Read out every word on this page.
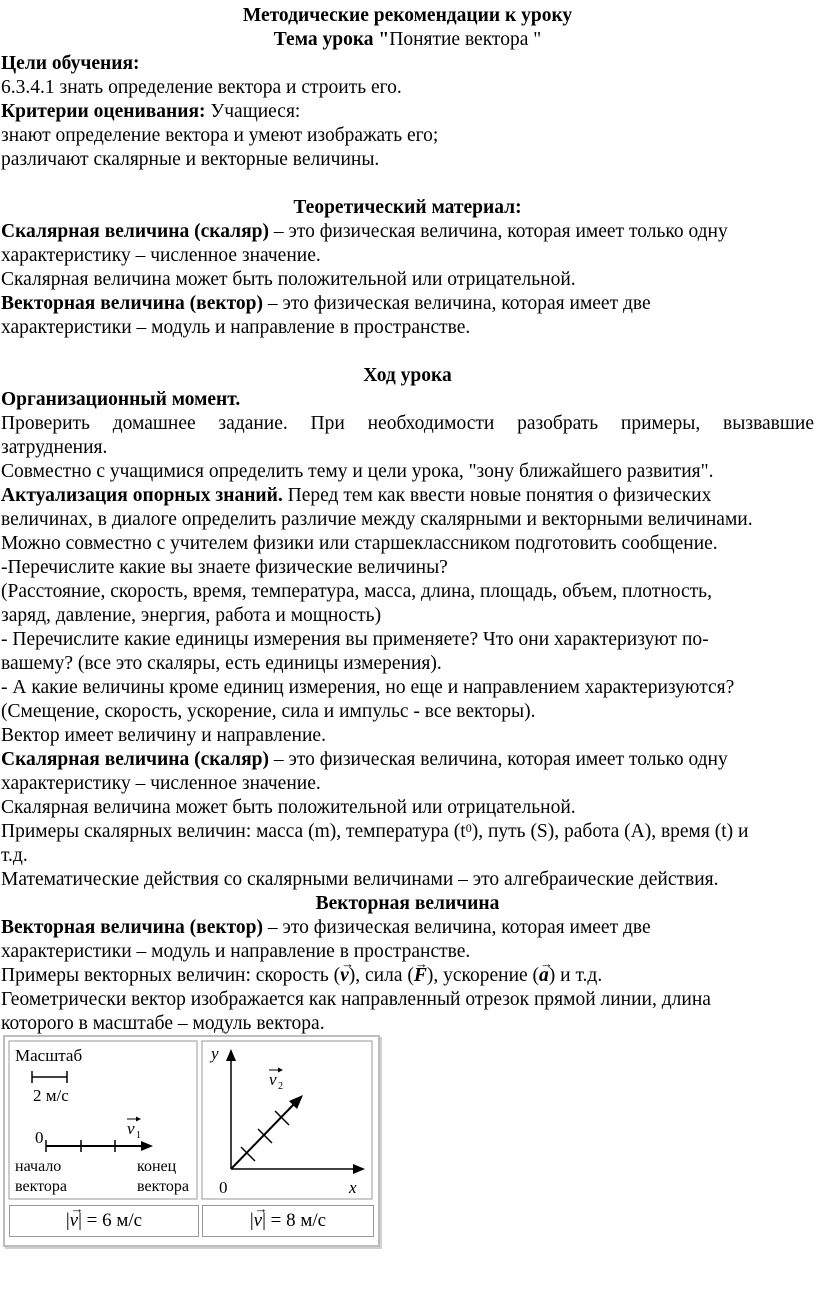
Методические рекомендации к уроку
Тема урока "Понятие вектора "
Цели обучения:
6.3.4.1 знать определение вектора и строить его.
Критерии оценивания: Учащиеся:
знают определение вектора и умеют изображать его;
различают скалярные и векторные величины.
Теоретический материал:
Скалярная величина (скаляр) – это физическая величина, которая имеет только одну
характеристику – численное значение.
Скалярная величина может быть положительной или отрицательной.
Векторная величина (вектор) – это физическая величина, которая имеет две
характеристики – модуль и направление в пространстве.
Ход урока
Организационный момент.
Проверить домашнее задание. При необходимости разобрать примеры, вызвавшие
затруднения.
Совместно с учащимися определить тему и цели урока, "зону ближайшего развития".
Актуализация опорных знаний. Перед тем как ввести новые понятия о физических
величинах, в диалоге определить различие между скалярными и векторными величинами.
Можно совместно с учителем физики или старшеклассником подготовить сообщение.
-Перечислите какие вы знаете физические величины?
(Расстояние, скорость, время, температура, масса, длина, площадь, объем, плотность,
заряд, давление, энергия, работа и мощность)
- Перечислите какие единицы измерения вы применяете? Что они характеризуют по-
вашему? (все это скаляры, есть единицы измерения).
- А какие величины кроме единиц измерения, но еще и направлением характеризуются?
(Смещение, скорость, ускорение, сила и импульс - все векторы).
Вектор имеет величину и направление.
Скалярная величина (скаляр) – это физическая величина, которая имеет только одну
характеристику – численное значение.
Скалярная величина может быть положительной или отрицательной.
Примеры скалярных величин: масса (m), температура $(t^0)$, путь (S), работа (A), время (t) и
т.д.
Математические действия со скалярными величинами – это алгебраические действия.
Векторная величина
Векторная величина (вектор) – это физическая величина, которая имеет две
характеристики – модуль и направление в пространстве.
Примеры векторных величин: скорость (→ v), сила (→ F), ускорение (→ a) и т.д.
Геометрически вектор изображается как направленный отрезок прямой линии, длина
которого в масштабе – модуль вектора.
Масштаб
2 м/с
0	v 1
начало
вектора
конец
вектора
y
x
0
v 2
|→ v| = 6 м/с	|→ v| = 8 м/с
